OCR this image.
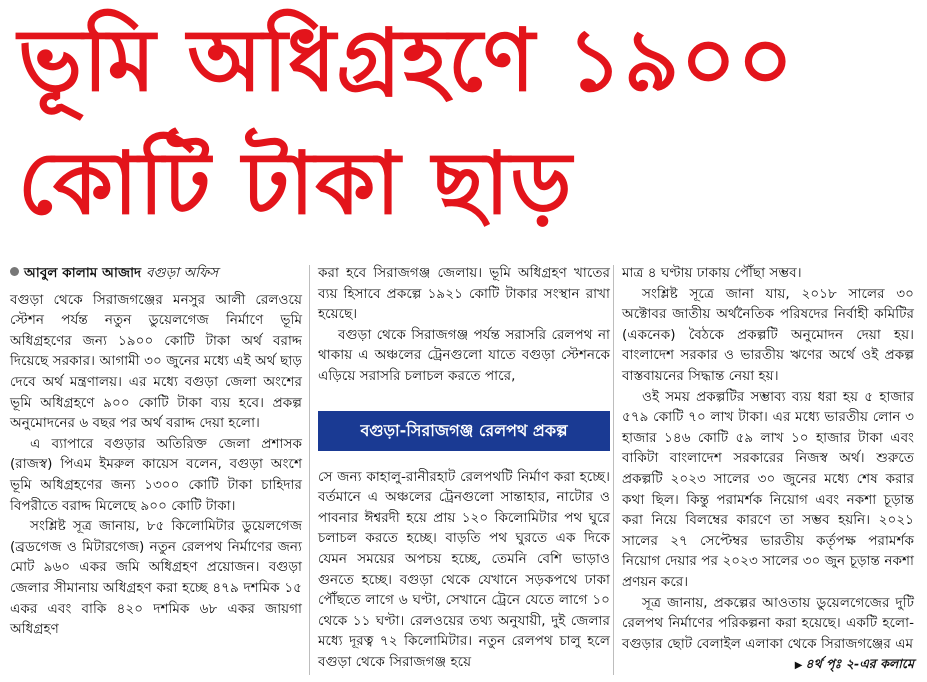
ভূমি অধিগ্রহণে ১৯০০
কোটি টাকা ছাড়
আবুল কালাম আজাদ বগুড়া অফিস

বগুড়া থেকে সিরাজগঞ্জের মনসুর আলী রেলওয়ে স্টেশন পর্যন্ত নতুন ডুয়েলগেজ নির্মাণে ভূমি অধিগ্রহণের জন্য ১৯০০ কোটি টাকা অর্থ বরাদ্দ দিয়েছে সরকার। আগামী ৩০ জুনের মধ্যে এই অর্থ ছাড় দেবে অর্থ মন্ত্রণালয়। এর মধ্যে বগুড়া জেলা অংশের ভূমি অধিগ্রহণে ৯০০ কোটি টাকা ব্যয় হবে। প্রকল্প অনুমোদনের ৬ বছর পর অর্থ বরাদ্দ দেয়া হলো।

এ ব্যাপারে বগুড়ার অতিরিক্ত জেলা প্রশাসক (রাজস্ব) পিএম ইমরুল কায়েস বলেন, বগুড়া অংশে ভূমি অধিগ্রহণের জন্য ১৩০০ কোটি টাকা চাহিদার বিপরীতে বরাদ্দ মিলেছে ৯০০ কোটি টাকা।

সংশ্লিষ্ট সূত্র জানায়, ৮৫ কিলোমিটার ডুয়েলগেজ (ব্রডগেজ ও মিটারগেজ) নতুন রেলপথ নির্মাণের জন্য মোট ৯৬০ একর জমি অধিগ্রহণ প্রয়োজন। বগুড়া জেলার সীমানায় অধিগ্রহণ করা হচ্ছে ৪৭৯ দশমিক ১৫ একর এবং বাকি ৪২০ দশমিক ৬৮ একর জায়গা অধিগ্রহণ

করা হবে সিরাজগঞ্জ জেলায়। ভূমি অধিগ্রহণ খাতের ব্যয় হিসাবে প্রকল্পে ১৯২১ কোটি টাকার সংস্থান রাখা হয়েছে।

বগুড়া থেকে সিরাজগঞ্জ পর্যন্ত সরাসরি রেলপথ না থাকায় এ অঞ্চলের ট্রেনগুলো যাতে বগুড়া স্টেশনকে এড়িয়ে সরাসরি চলাচল করতে পারে,

বগুড়া-সিরাজগঞ্জ রেলপথ প্রকল্প

সে জন্য কাহালু-রানীরহাট রেলপথটি নির্মাণ করা হচ্ছে। বর্তমানে এ অঞ্চলের ট্রেনগুলো সান্তাহার, নাটোর ও পাবনার ঈশ্বরদী হয়ে প্রায় ১২০ কিলোমিটার পথ ঘুরে চলাচল করতে হচ্ছে। বাড়তি পথ ঘুরতে এক দিকে যেমন সময়ের অপচয় হচ্ছে, তেমনি বেশি ভাড়াও গুনতে হচ্ছে। বগুড়া থেকে যেখানে সড়কপথে ঢাকা পৌঁছতে লাগে ৬ ঘণ্টা, সেখানে ট্রেনে যেতে লাগে ১০ থেকে ১১ ঘণ্টা। রেলওয়ের তথ্য অনুযায়ী, দুই জেলার মধ্যে দূরত্ব ৭২ কিলোমিটার। নতুন রেলপথ চালু হলে বগুড়া থেকে সিরাজগঞ্জ হয়ে

মাত্র ৪ ঘণ্টায় ঢাকায় পৌঁছা সম্ভব।

সংশ্লিষ্ট সূত্রে জানা যায়, ২০১৮ সালের ৩০ অক্টোবর জাতীয় অর্থনৈতিক পরিষদের নির্বাহী কমিটির (একনেক) বৈঠকে প্রকল্পটি অনুমোদন দেয়া হয়। বাংলাদেশ সরকার ও ভারতীয় ঋণের অর্থে ওই প্রকল্প বাস্তবায়নের সিদ্ধান্ত নেয়া হয়।

ওই সময় প্রকল্পটির সম্ভাব্য ব্যয় ধরা হয় ৫ হাজার ৫৭৯ কোটি ৭০ লাখ টাকা। এর মধ্যে ভারতীয় লোন ৩ হাজার ১৪৬ কোটি ৫৯ লাখ ১০ হাজার টাকা এবং বাকিটা বাংলাদেশ সরকারের নিজস্ব অর্থ। শুরুতে প্রকল্পটি ২০২৩ সালের ৩০ জুনের মধ্যে শেষ করার কথা ছিল। কিন্তু পরামর্শক নিয়োগ এবং নকশা চূড়ান্ত করা নিয়ে বিলম্বের কারণে তা সম্ভব হয়নি। ২০২১ সালের ২৭ সেপ্টেম্বর ভারতীয় কর্তৃপক্ষ পরামর্শক নিয়োগ দেয়ার পর ২০২৩ সালের ৩০ জুন চূড়ান্ত নকশা প্রণয়ন করে।

সূত্র জানায়, প্রকল্পের আওতায় ডুয়েলগেজের দুটি রেলপথ নির্মাণের পরিকল্পনা করা হয়েছে। একটি হলো- বগুড়ার ছোট বেলাইল এলাকা থেকে সিরাজগঞ্জের এম

▶ ৪র্থ পৃঃ ২-এর কলামে
